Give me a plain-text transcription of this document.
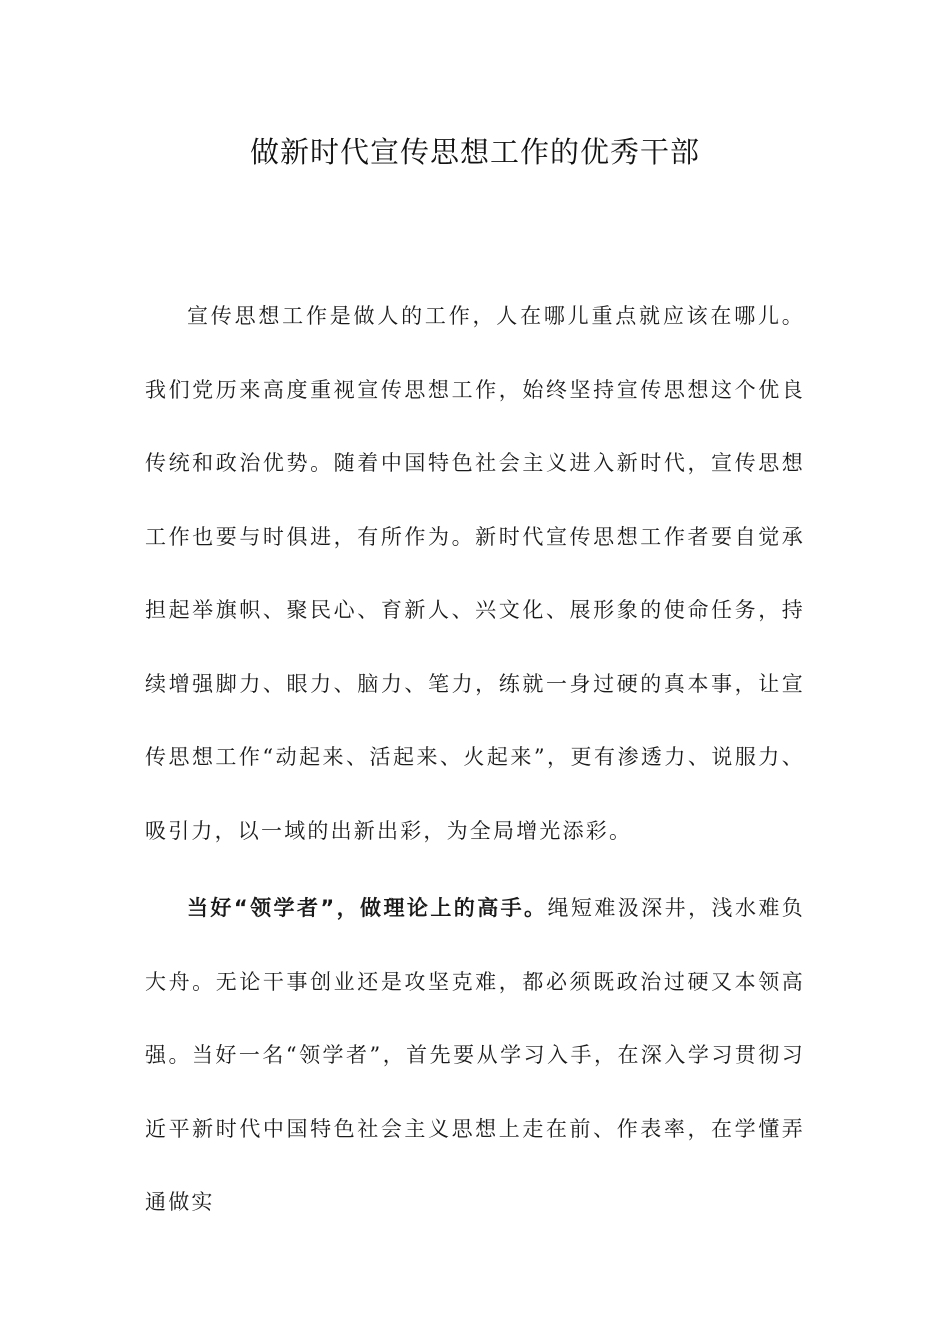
做新时代宣传思想工作的优秀干部

宣传思想工作是做人的工作，人在哪儿重点就应该在哪儿。我们党历来高度重视宣传思想工作，始终坚持宣传思想这个优良传统和政治优势。随着中国特色社会主义进入新时代，宣传思想工作也要与时俱进，有所作为。新时代宣传思想工作者要自觉承担起举旗帜、聚民心、育新人、兴文化、展形象的使命任务，持续增强脚力、眼力、脑力、笔力，练就一身过硬的真本事，让宣传思想工作“动起来、活起来、火起来”，更有渗透力、说服力、吸引力，以一域的出新出彩，为全局增光添彩。

当好“领学者”，做理论上的高手。绳短难汲深井，浅水难负大舟。无论干事创业还是攻坚克难，都必须既政治过硬又本领高强。当好一名“领学者”，首先要从学习入手，在深入学习贯彻习近平新时代中国特色社会主义思想上走在前、作表率，在学懂弄通做实
